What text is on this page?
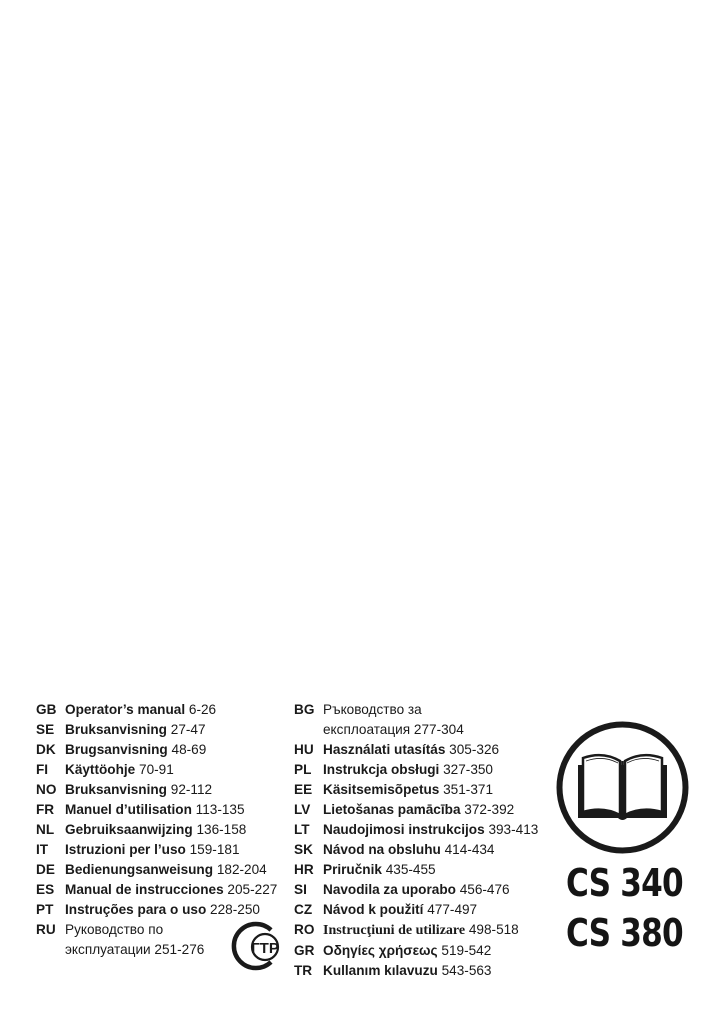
GB Operator’s manual 6-26
SE Bruksanvisning 27-47
DK Brugsanvisning 48-69
FI	Käyttöohje 70-91
NO Bruksanvisning 92-112
FR Manuel d’utilisation 113-135
NL Gebruiksaanwijzing 136-158
IT	Istruzioni per l’uso 159-181
DE Bedienungsanweisung 182-204
ES Manual de instrucciones 205-227
PT Instruções para o uso 228-250
RU Руководство по
эксплуатации 251-276	ГТР
BG Ръководство за
експлоатация 277-304
HU Használati utasítás 305-326
PL Instrukcja obsługi 327-350
EE Käsitsemisõpetus 351-371
LV Lietošanas pamācība 372-392
LT Naudojimosi instrukcijos 393-413
SK Návod na obsluhu 414-434
HR Priručnik 435-455
SI	Navodila za uporabo 456-476
CZ Návod k použití 477-497
RO Instrucţiuni de utilizare 498-518
GR Οδηγίες χρήσεως 519-542
TR Kullanım kılavuzu 543-563
CS 340
CS 380
